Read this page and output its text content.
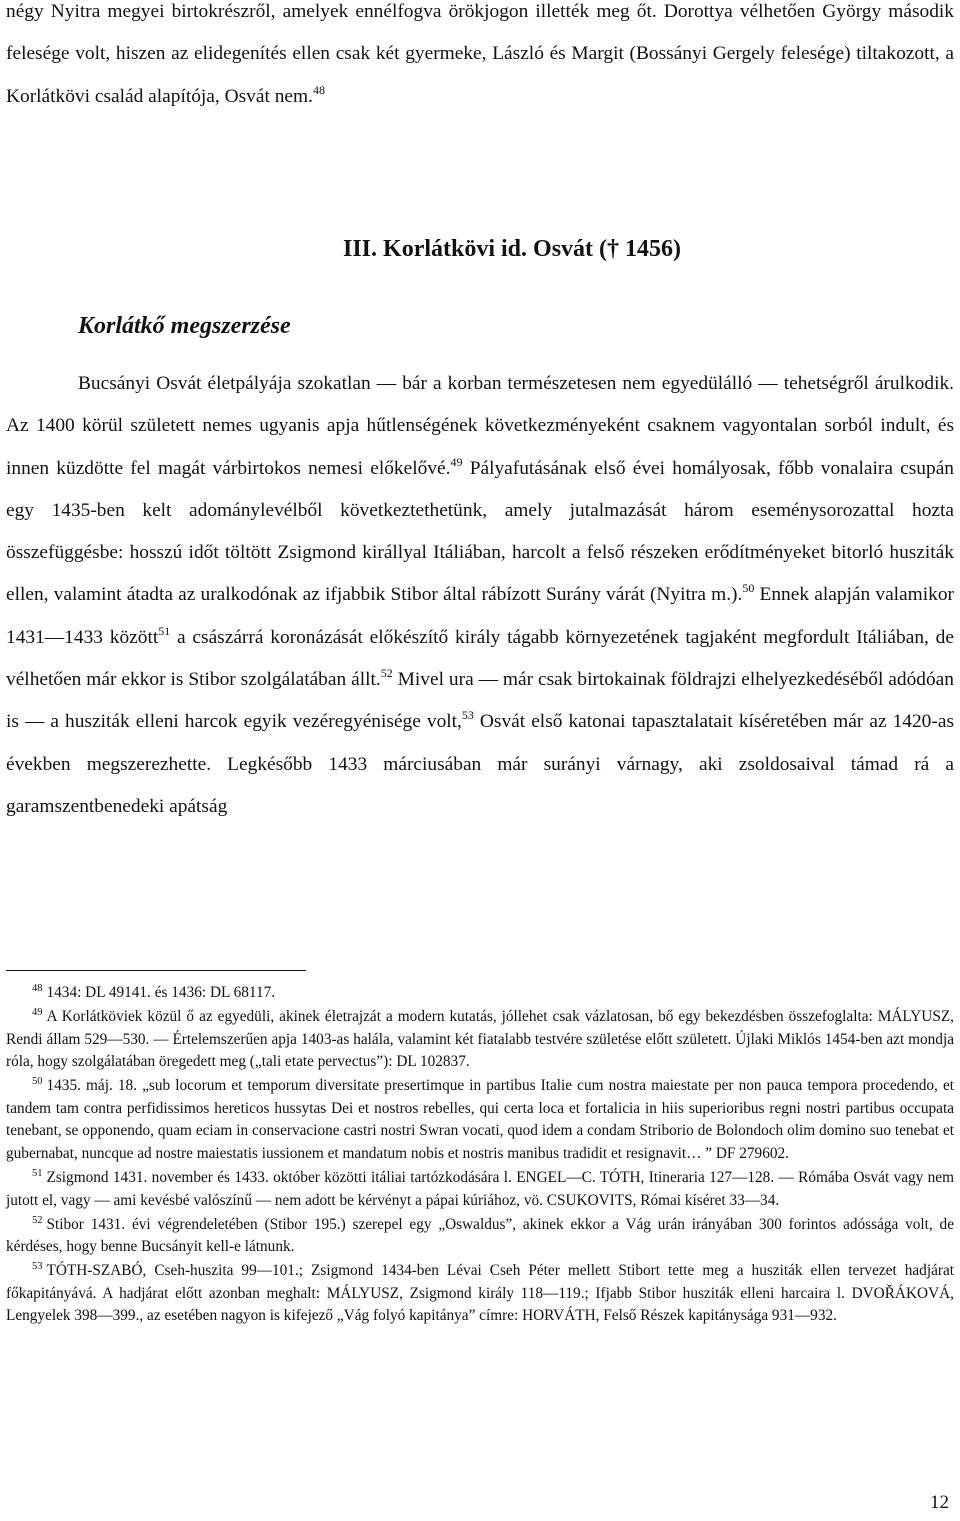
négy Nyitra megyei birtokrészről, amelyek ennélfogva örökjogon illették meg őt. Dorottya vélhetően György második felesége volt, hiszen az elidegenítés ellen csak két gyermeke, László és Margit (Bossányi Gergely felesége) tiltakozott, a Korlátkövi család alapítója, Osvát nem.$^{48}$

III. Korlátkövi id. Osvát († 1456)
Korlátkő megszerzése

Bucsányi Osvát életpályája szokatlan — bár a korban természetesen nem egyedülálló — tehetségről árulkodik. Az 1400 körül született nemes ugyanis apja hűtlenségének következményeként csaknem vagyontalan sorból indult, és innen küzdötte fel magát várbirtokos nemesi előkelővé.$^{49}$ Pályafutásának első évei homályosak, főbb vonalaira csupán egy 1435-ben kelt adománylevélből következtethetünk, amely jutalmazását három eseménysorozattal hozta összefüggésbe: hosszú időt töltött Zsigmond királlyal Itáliában, harcolt a felső részeken erődítményeket bitorló husziták ellen, valamint átadta az uralkodónak az ifjabbik Stibor által rábízott Surány várát (Nyitra m.).$^{50}$ Ennek alapján valamikor 1431—1433 között$^{51}$ a császárrá koronázását előkészítő király tágabb környezetének tagjaként megfordult Itáliában, de vélhetően már ekkor is Stibor szolgálatában állt.$^{52}$ Mivel ura — már csak birtokainak földrajzi elhelyezkedéséből adódóan is — a husziták elleni harcok egyik vezéregyénisége volt,$^{53}$ Osvát első katonai tapasztalatait kíséretében már az 1420-as években megszerezhette. Legkésőbb 1433 márciusában már surányi várnagy, aki zsoldosaival támad rá a garamszentbenedeki apátság

$^{48}$ 1434: DL 49141. és 1436: DL 68117.

$^{49}$ A Korlátköviek közül ő az egyedüli, akinek életrajzát a modern kutatás, jóllehet csak vázlatosan, bő egy bekezdésben összefoglalta: MÁLYUSZ, Rendi állam 529—530. — Értelemszerűen apja 1403-as halála, valamint két fiatalabb testvére születése előtt született. Újlaki Miklós 1454-ben azt mondja róla, hogy szolgálatában öregedett meg („tali etate pervectus”): DL 102837.

$^{50}$ 1435. máj. 18. „sub locorum et temporum diversitate presertimque in partibus Italie cum nostra maiestate per non pauca tempora procedendo, et tandem tam contra perfidissimos hereticos hussytas Dei et nostros rebelles, qui certa loca et fortalicia in hiis superioribus regni nostri partibus occupata tenebant, se opponendo, quam eciam in conservacione castri nostri Swran vocati, quod idem a condam Striborio de Bolondoch olim domino suo tenebat et gubernabat, nuncque ad nostre maiestatis iussionem et mandatum nobis et nostris manibus tradidit et resignavit… ” DF 279602.

$^{51}$ Zsigmond 1431. november és 1433. október közötti itáliai tartózkodására l. ENGEL—C. TÓTH, Itineraria 127—128. — Rómába Osvát vagy nem jutott el, vagy — ami kevésbé valószínű — nem adott be kérvényt a pápai kúriához, vö. CSUKOVITS, Római kíséret 33—34.

$^{52}$ Stibor 1431. évi végrendeletében (Stibor 195.) szerepel egy „Oswaldus”, akinek ekkor a Vág urán irányában 300 forintos adóssága volt, de kérdéses, hogy benne Bucsányit kell-e látnunk.

$^{53}$ TÓTH-SZABÓ, Cseh-huszita 99—101.; Zsigmond 1434-ben Lévai Cseh Péter mellett Stibort tette meg a husziták ellen tervezet hadjárat főkapitányává. A hadjárat előtt azonban meghalt: MÁLYUSZ, Zsigmond király 118—119.; Ifjabb Stibor husziták elleni harcaira l. DVOŘÁKOVÁ, Lengyelek 398—399., az esetében nagyon is kifejező „Vág folyó kapitánya” címre: HORVÁTH, Felső Részek kapitánysága 931—932.

12
